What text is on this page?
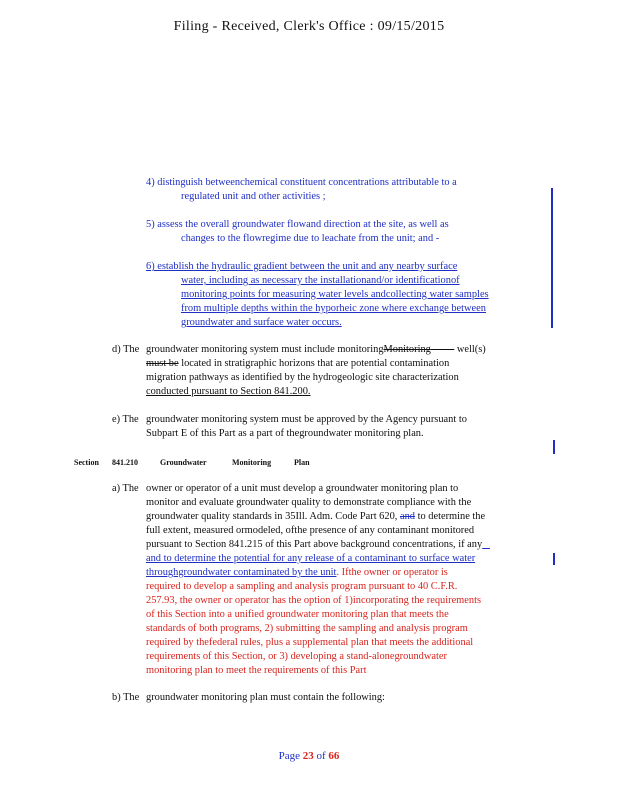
Filing - Received, Clerk's Office : 09/15/2015
4) distinguish betweenchemical constituent concentrations attributable to a
regulated unit and other activities ;
5) assess the overall groundwater flowand direction at the site, as well as
changes to the flowregime due to leachate from the unit; and -
6) establish the hydraulic gradient between the unit and any nearby surface
water, including as necessary the installationand/or identificationof
monitoring points for measuring water levels andcollecting water samples
from multiple depths within the hyporheic zone where exchange between
groundwater and surface water occurs.
d) The groundwater monitoring system must include monitoringMonitoring	well(s)
must be located in stratigraphic horizons that are potential contamination
migration pathways as identified by the hydrogeologic site characterization
conducted pursuant to Section 841.200.
e) The groundwater monitoring system must be approved by the Agency pursuant to
Subpart E of this Part as a part of thegroundwater monitoring plan.
Section 841.210	Groundwater	Monitoring	Plan
a) The owner or operator of a unit must develop a groundwater monitoring plan to
monitor and evaluate groundwater quality to demonstrate compliance with the
groundwater quality standards in 35Ill. Adm. Code Part 620, and to determine the
full extent, measured ormodeled, ofthe presence of any contaminant monitored
pursuant to Section 841.215 of this Part above background concentrations, if any
and to determine the potential for any release of a contaminant to surface water
throughgroundwater contaminated by the unit. Ifthe owner or operator is
required to develop a sampling and analysis program pursuant to 40 C.F.R.
257.93, the owner or operator has the option of 1)incorporating the requirements
of this Section into a unified groundwater monitoring plan that meets the
standards of both programs, 2) submitting the sampling and analysis program
required by thefederal rules, plus a supplemental plan that meets the additional
requirements of this Section, or 3) developing a stand-alonegroundwater
monitoring plan to meet the requirements of this Part
b) The groundwater monitoring plan must contain the following:
Page 23 of 66
